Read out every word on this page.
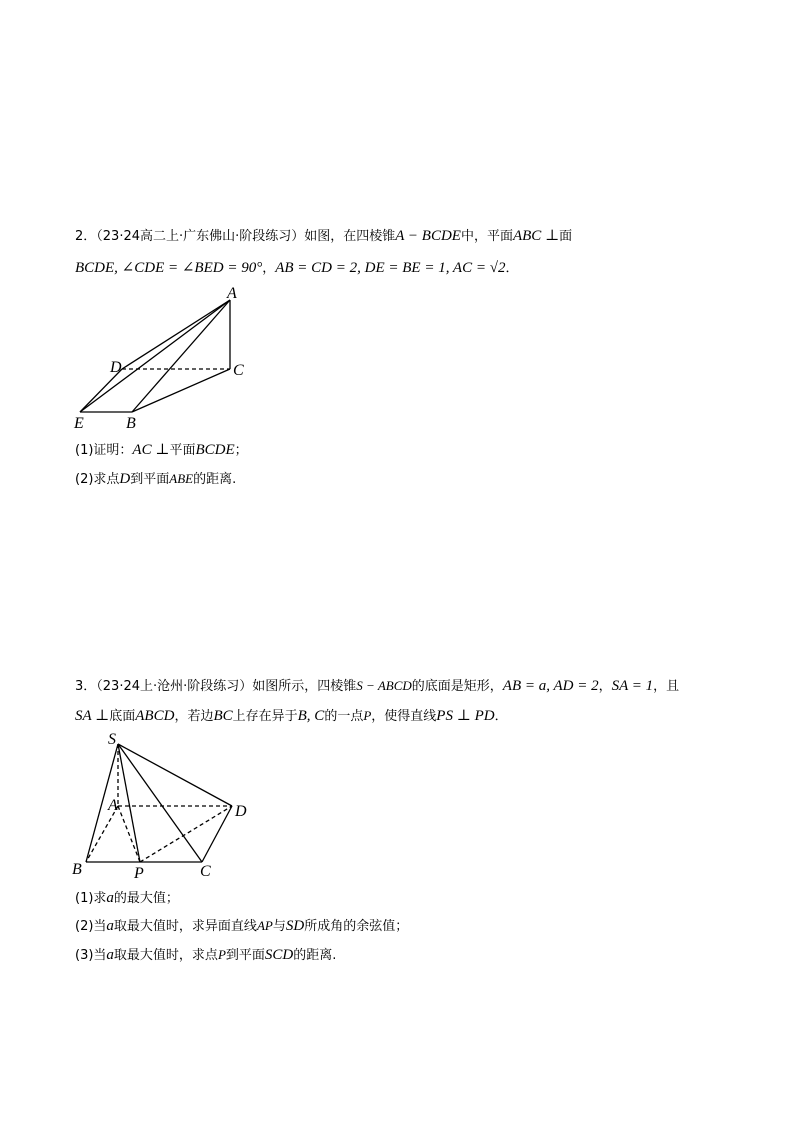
2．（23·24高二上·广东佛山·阶段练习）如图，在四棱锥A − BCDE中，平面ABC ⊥面
BCDE, ∠CDE = ∠BED = 90°，AB = CD = 2, DE = BE = 1, AC = √2．
A
C
D
E	B
(1)证明：AC ⊥平面BCDE；
(2)求点D到平面ABE的距离.
3．（23·24上·沧州·阶段练习）如图所示，四棱锥S − ABCD的底面是矩形，AB = a, AD = 2，SA = 1，且
SA ⊥底面ABCD，若边BC上存在异于B, C的一点P，使得直线PS ⊥ PD．
S
A	D
B	P	C
(1)求a的最大值；
(2)当a取最大值时，求异面直线AP与SD所成角的余弦值；
(3)当a取最大值时，求点P到平面SCD的距离.
